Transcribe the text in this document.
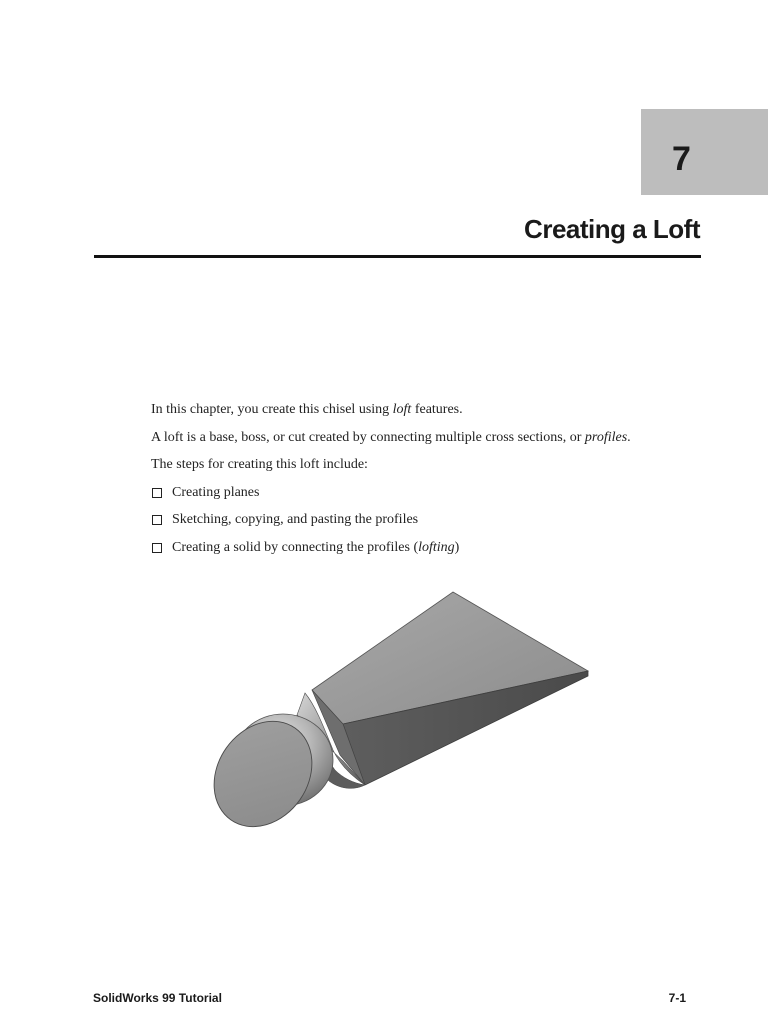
7
Creating a Loft

In this chapter, you create this chisel using loft features.

A loft is a base, boss, or cut created by connecting multiple cross sections, or profiles.

The steps for creating this loft include:

Creating planes
Sketching, copying, and pasting the profiles
Creating a solid by connecting the profiles (lofting)
SolidWorks 99 Tutorial	7-1
